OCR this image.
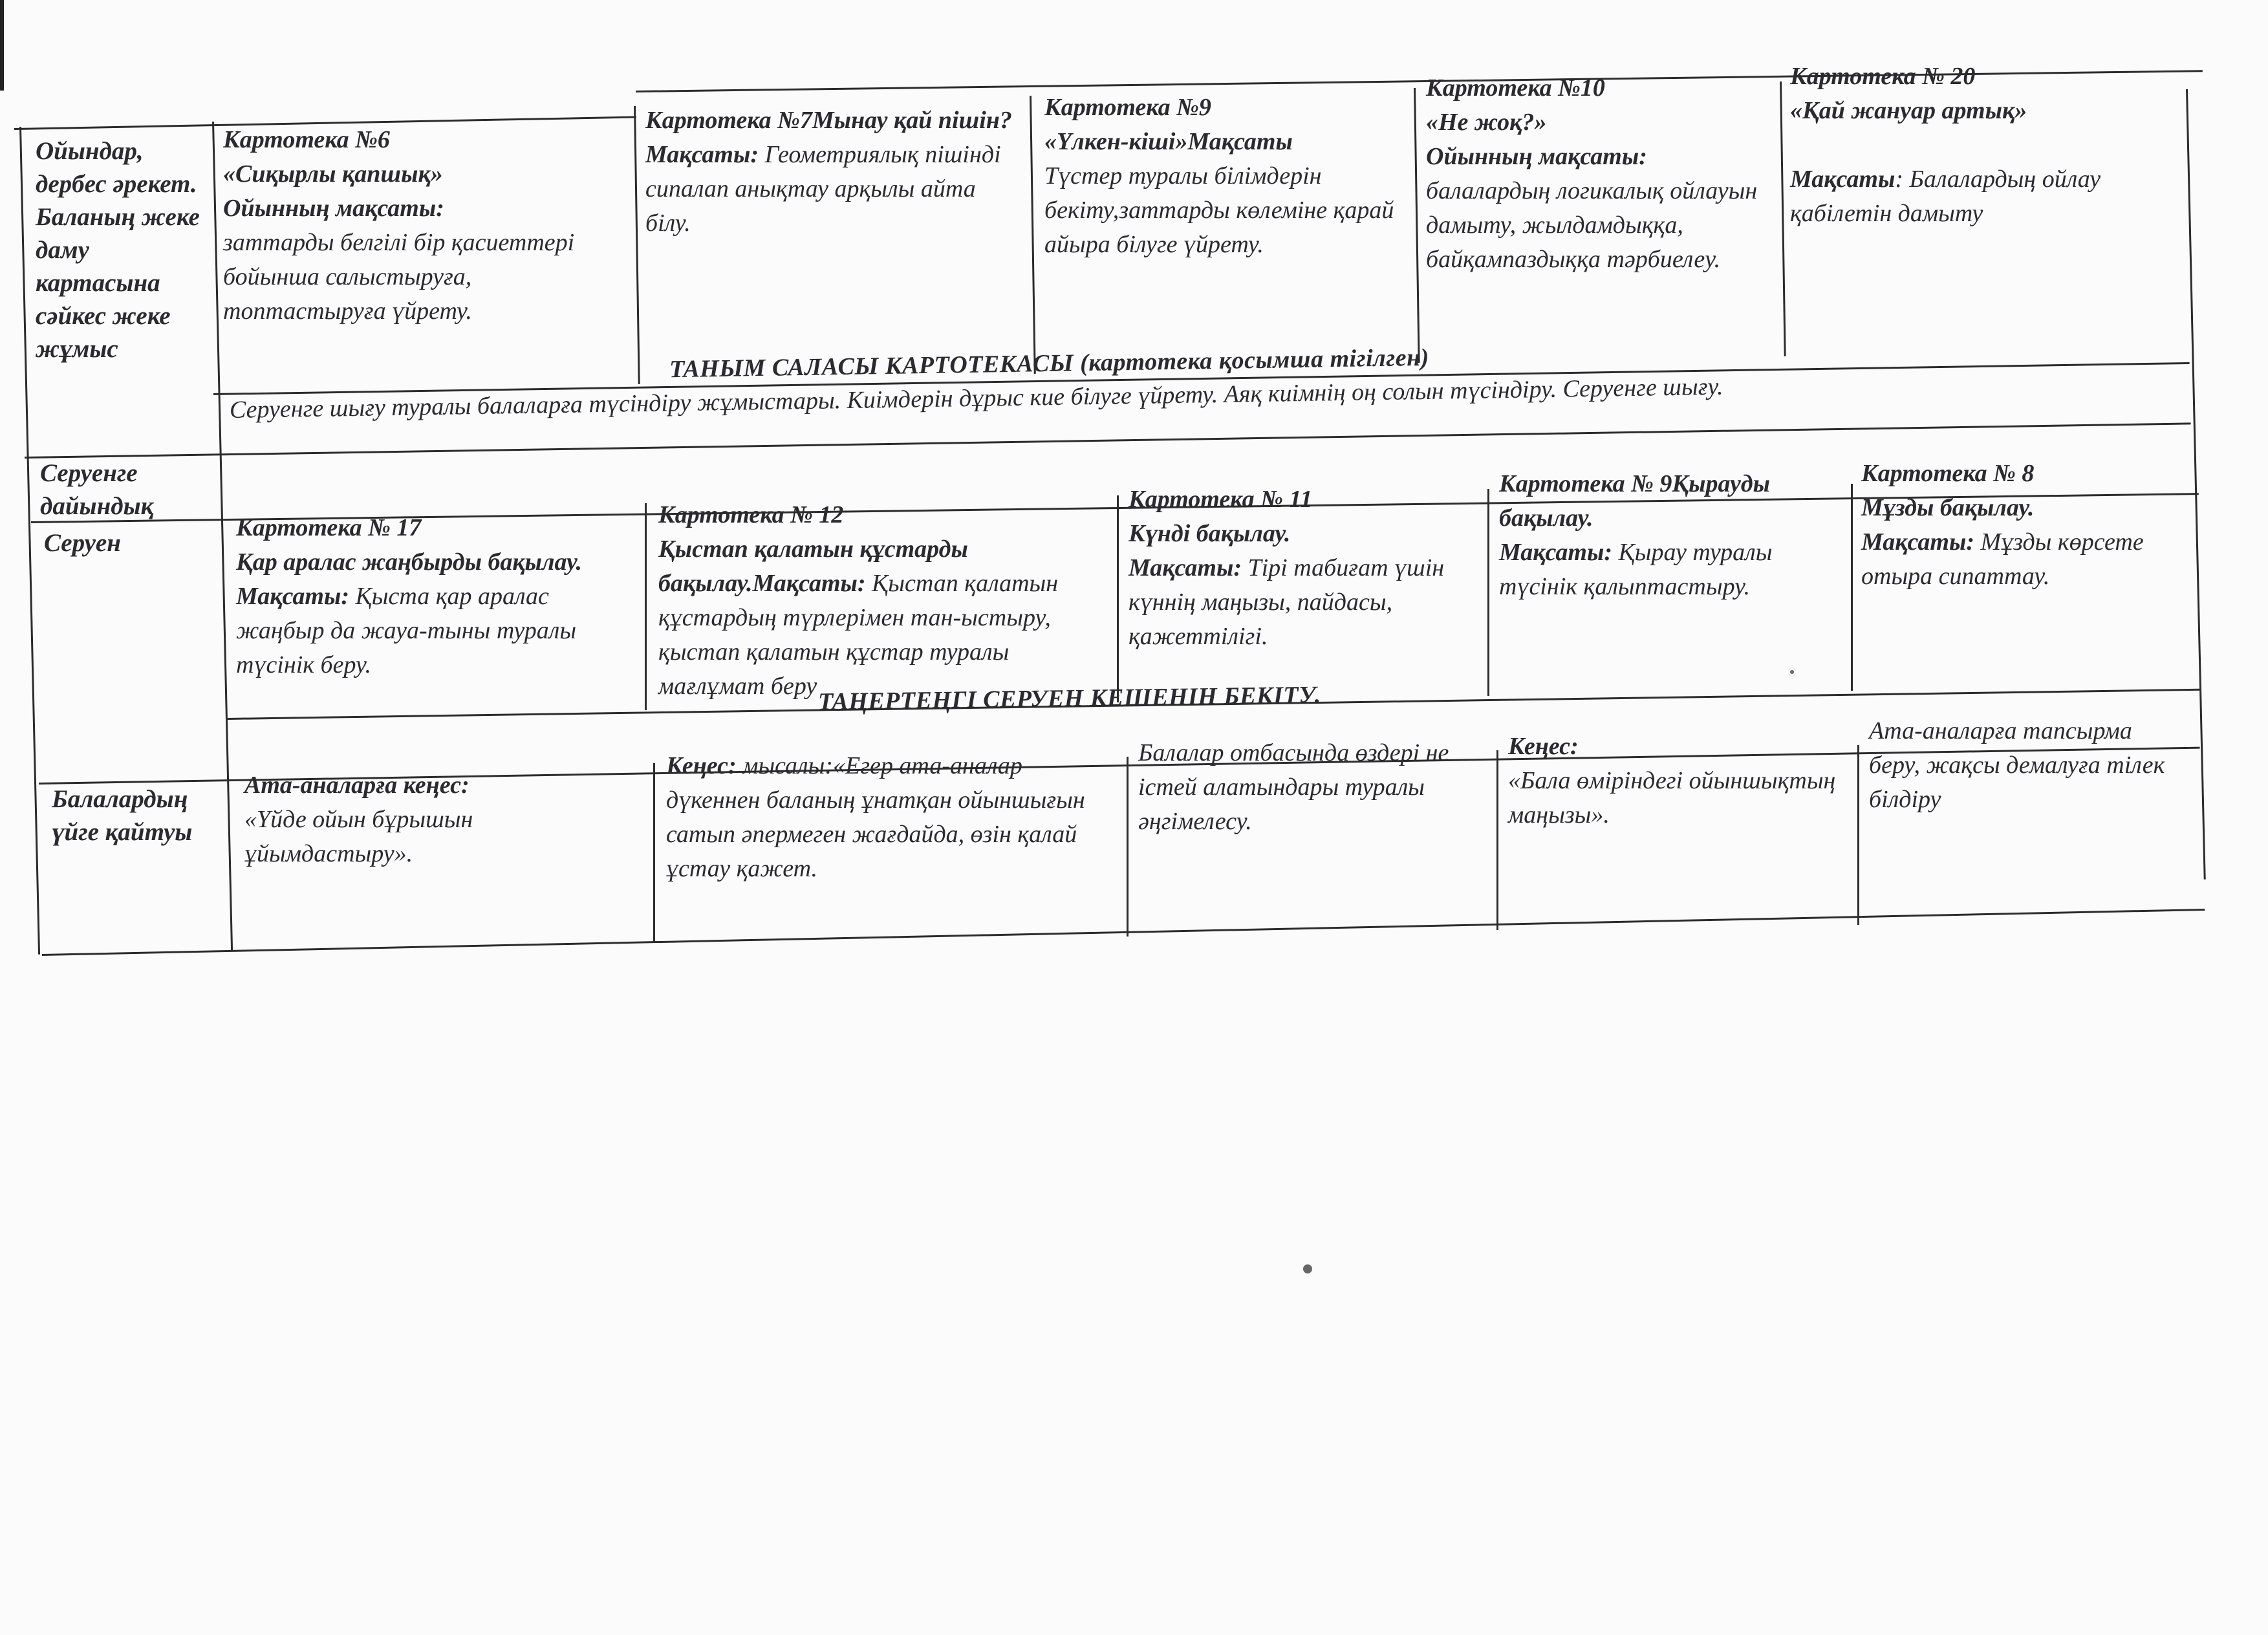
Ойындар, дербес әрекет. Баланың жеке даму картасына сәйкес жеке жұмыс
Серуенге дайындық
Серуен
Балалардың үйге қайтуы

Картотека №6

«Сиқырлы қапшық»

Ойынның мақсаты:

заттарды белгілі бір қасиеттері бойынша салыстыруға, топтастыруға үйрету.

Картотека №7Мынау қай пішін?

Мақсаты: Геометриялық пішінді сипалап анықтау арқылы айта білу.

Картотека №9

«Үлкен-кіші»Мақсаты

Түстер туралы білімдерін бекіту,заттарды көлеміне қарай айыра білуге үйрету.

Картотека №10

«Не жоқ?»

Ойынның мақсаты:

балалардың логикалық ойлауын дамыту, жылдамдыққа, байқампаздыққа тәрбиелеу.

Картотека № 20

«Қай жануар артық»

Мақсаты: Балалардың ойлау қабілетін дамыту

ТАНЫМ САЛАСЫ КАРТОТЕКАСЫ (картотека қосымша тігілген)
Серуенге шығу туралы балаларға түсіндіру жұмыстары. Киімдерін дұрыс кие білуге үйрету. Аяқ киімнің оң солын түсіндіру. Серуенге шығу.

Картотека № 17

Қар аралас жаңбырды бақылау.

Мақсаты: Қыста қар аралас жаңбыр да жауа-тыны туралы түсінік беру.

Картотека № 12

Қыстап қалатын құстарды бақылау.Мақсаты: Қыстап қалатын құстардың түрлерімен тан-ыстыру, қыстап қалатын құстар туралы мағлұмат беру

Картотека № 11

Күнді бақылау.

Мақсаты: Тірі табиғат үшін күннің маңызы, пайдасы, қажеттілігі.

Картотека № 9Қырауды бақылау.

Мақсаты: Қырау туралы түсінік қалыптастыру.

Картотека № 8

Мұзды бақылау.

Мақсаты: Мұзды көрсете отыра сипаттау.

ТАҢЕРТЕҢГІ СЕРУЕН КЕШЕНІН БЕКІТУ.

Ата-аналарға кеңес:

«Үйде ойын бұрышын ұйымдастыру».

Кеңес: мысалы:«Егер ата-аналар дүкеннен баланың ұнатқан ойыншығын сатып әпермеген жағдайда, өзін қалай ұстау қажет.

Балалар отбасында өздері не істей алатындары туралы әңгімелесу.

Кеңес:

«Бала өміріндегі ойыншықтың маңызы».

Ата-аналарға тапсырма беру, жақсы демалуға тілек білдіру
